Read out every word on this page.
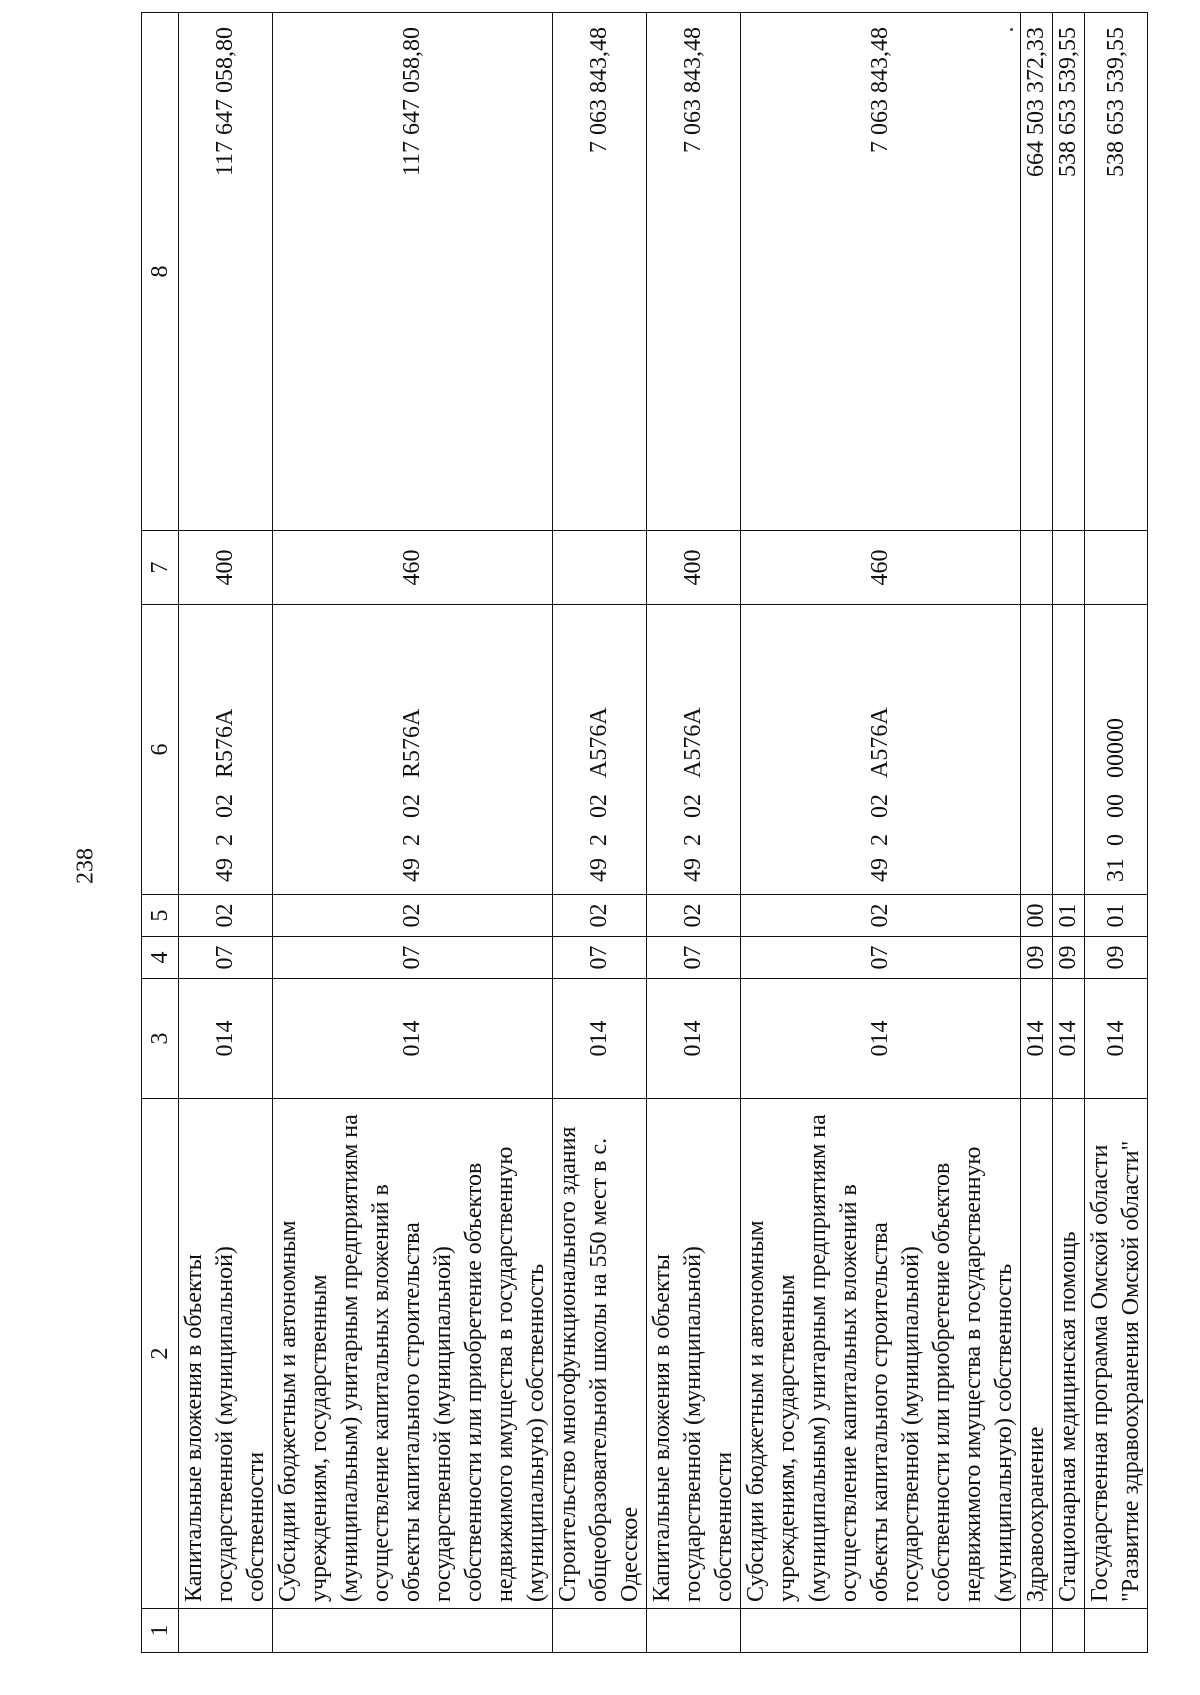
238
1	2	3	4	5	6	7	8
	Капитальные вложения в объекты государственной (муниципальной) собственности	014	07	02	49202R576А	400	117 647 058,80
	Субсидии бюджетным и автономным учреждениям, государственным (муниципальным) унитарным предприятиям на осуществление капитальных вложений в объекты капитального строительства государственной (муниципальной) собственности или приобретение объектов недвижимого имущества в государственную (муниципальную) собственность	014	07	02	49202R576А	460	117 647 058,80
	Строительство многофункционального здания общеобразовательной школы на 550 мест в с. Одесское	014	07	02	49202А576А		7 063 843,48
	Капитальные вложения в объекты государственной (муниципальной) собственности	014	07	02	49202А576А	400	7 063 843,48
	Субсидии бюджетным и автономным учреждениям, государственным (муниципальным) унитарным предприятиям на осуществление капитальных вложений в объекты капитального строительства государственной (муниципальной) собственности или приобретение объектов недвижимого имущества в государственную (муниципальную) собственность	014	07	02	49202А576А	460	7 063 843,48
	Здравоохранение	014	09	00			664 503 372,33
	Стационарная медицинская помощь	014	09	01			538 653 539,55
	Государственная программа Омской области "Развитие здравоохранения Омской области"	014	09	01	3100000000		538 653 539,55
